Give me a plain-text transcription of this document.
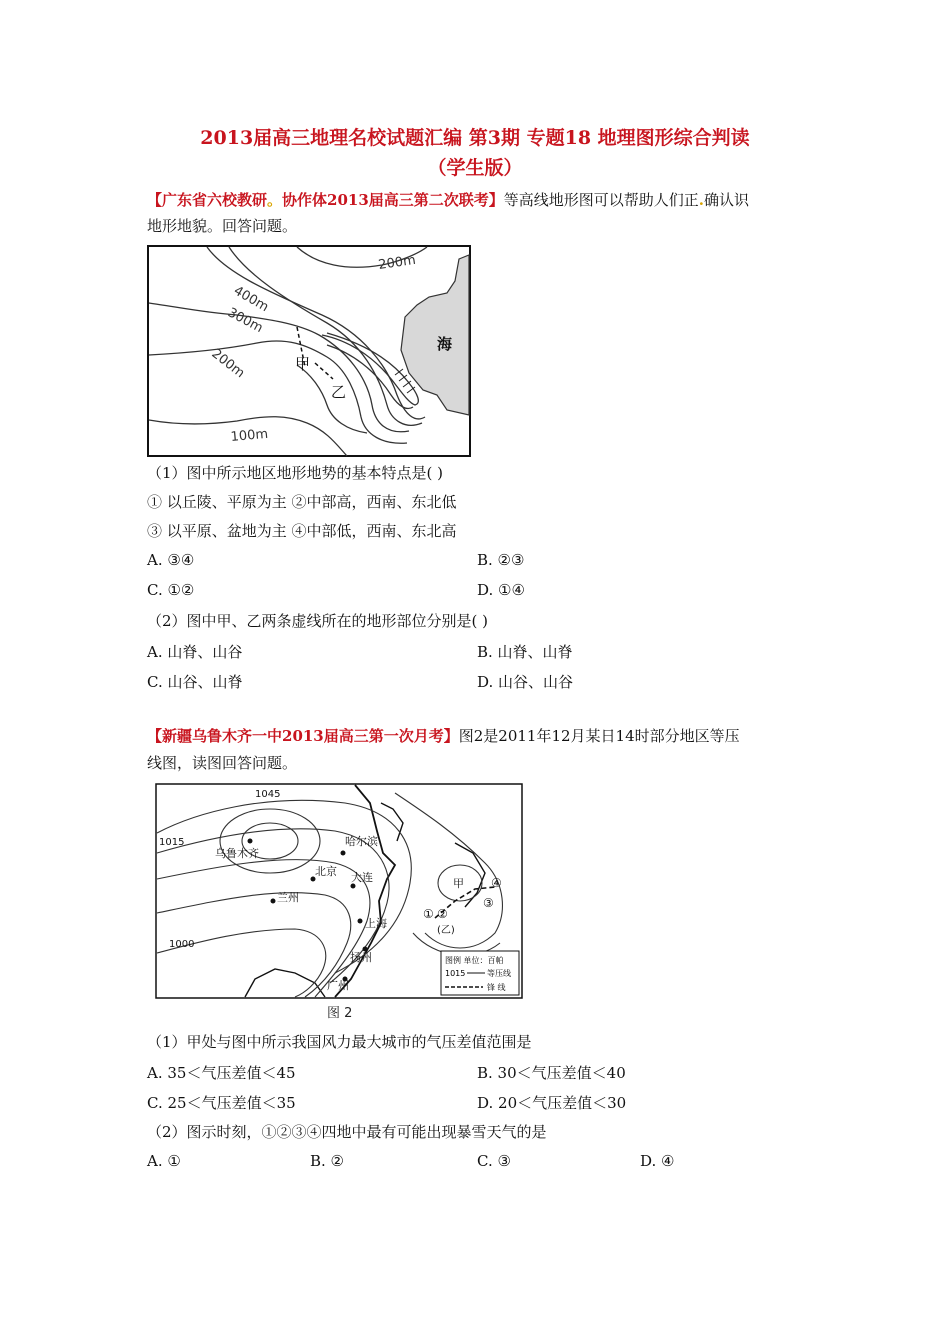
2013届高三地理名校试题汇编 第3期 专题18 地理图形综合判读
（学生版）
【广东省六校教研。协作体2013届高三第二次联考】等高线地形图可以帮助人们正.确认识
地形地貌。回答问题。
200m
400m
300m
200m
100m
甲
乙
海
（1）图中所示地区地形地势的基本特点是( )
① 以丘陵、平原为主 ②中部高，西南、东北低
③ 以平原、盆地为主 ④中部低，西南、东北高
A. ③④	B. ②③
C. ①②	D. ①④
（2）图中甲、乙两条虚线所在的地形部位分别是( )
A. 山脊、山谷	B. 山脊、山脊
C. 山谷、山脊	D. 山谷、山谷
【新疆乌鲁木齐一中2013届高三第一次月考】图2是2011年12月某日14时部分地区等压
线图，读图回答问题。
1045
1015
1000
乌鲁木齐
哈尔滨
北京 大连
兰州
上海
扬州
广州
甲
(乙)
① ②
③
④
图例 单位：百帕
1015	等压线
锋 线
图 2
（1）甲处与图中所示我国风力最大城市的气压差值范围是
A. 35＜气压差值＜45	B. 30＜气压差值＜40
C. 25＜气压差值＜35	D. 20＜气压差值＜30
（2）图示时刻，①②③④四地中最有可能出现暴雪天气的是
A. ①	B. ②	C. ③	D. ④
